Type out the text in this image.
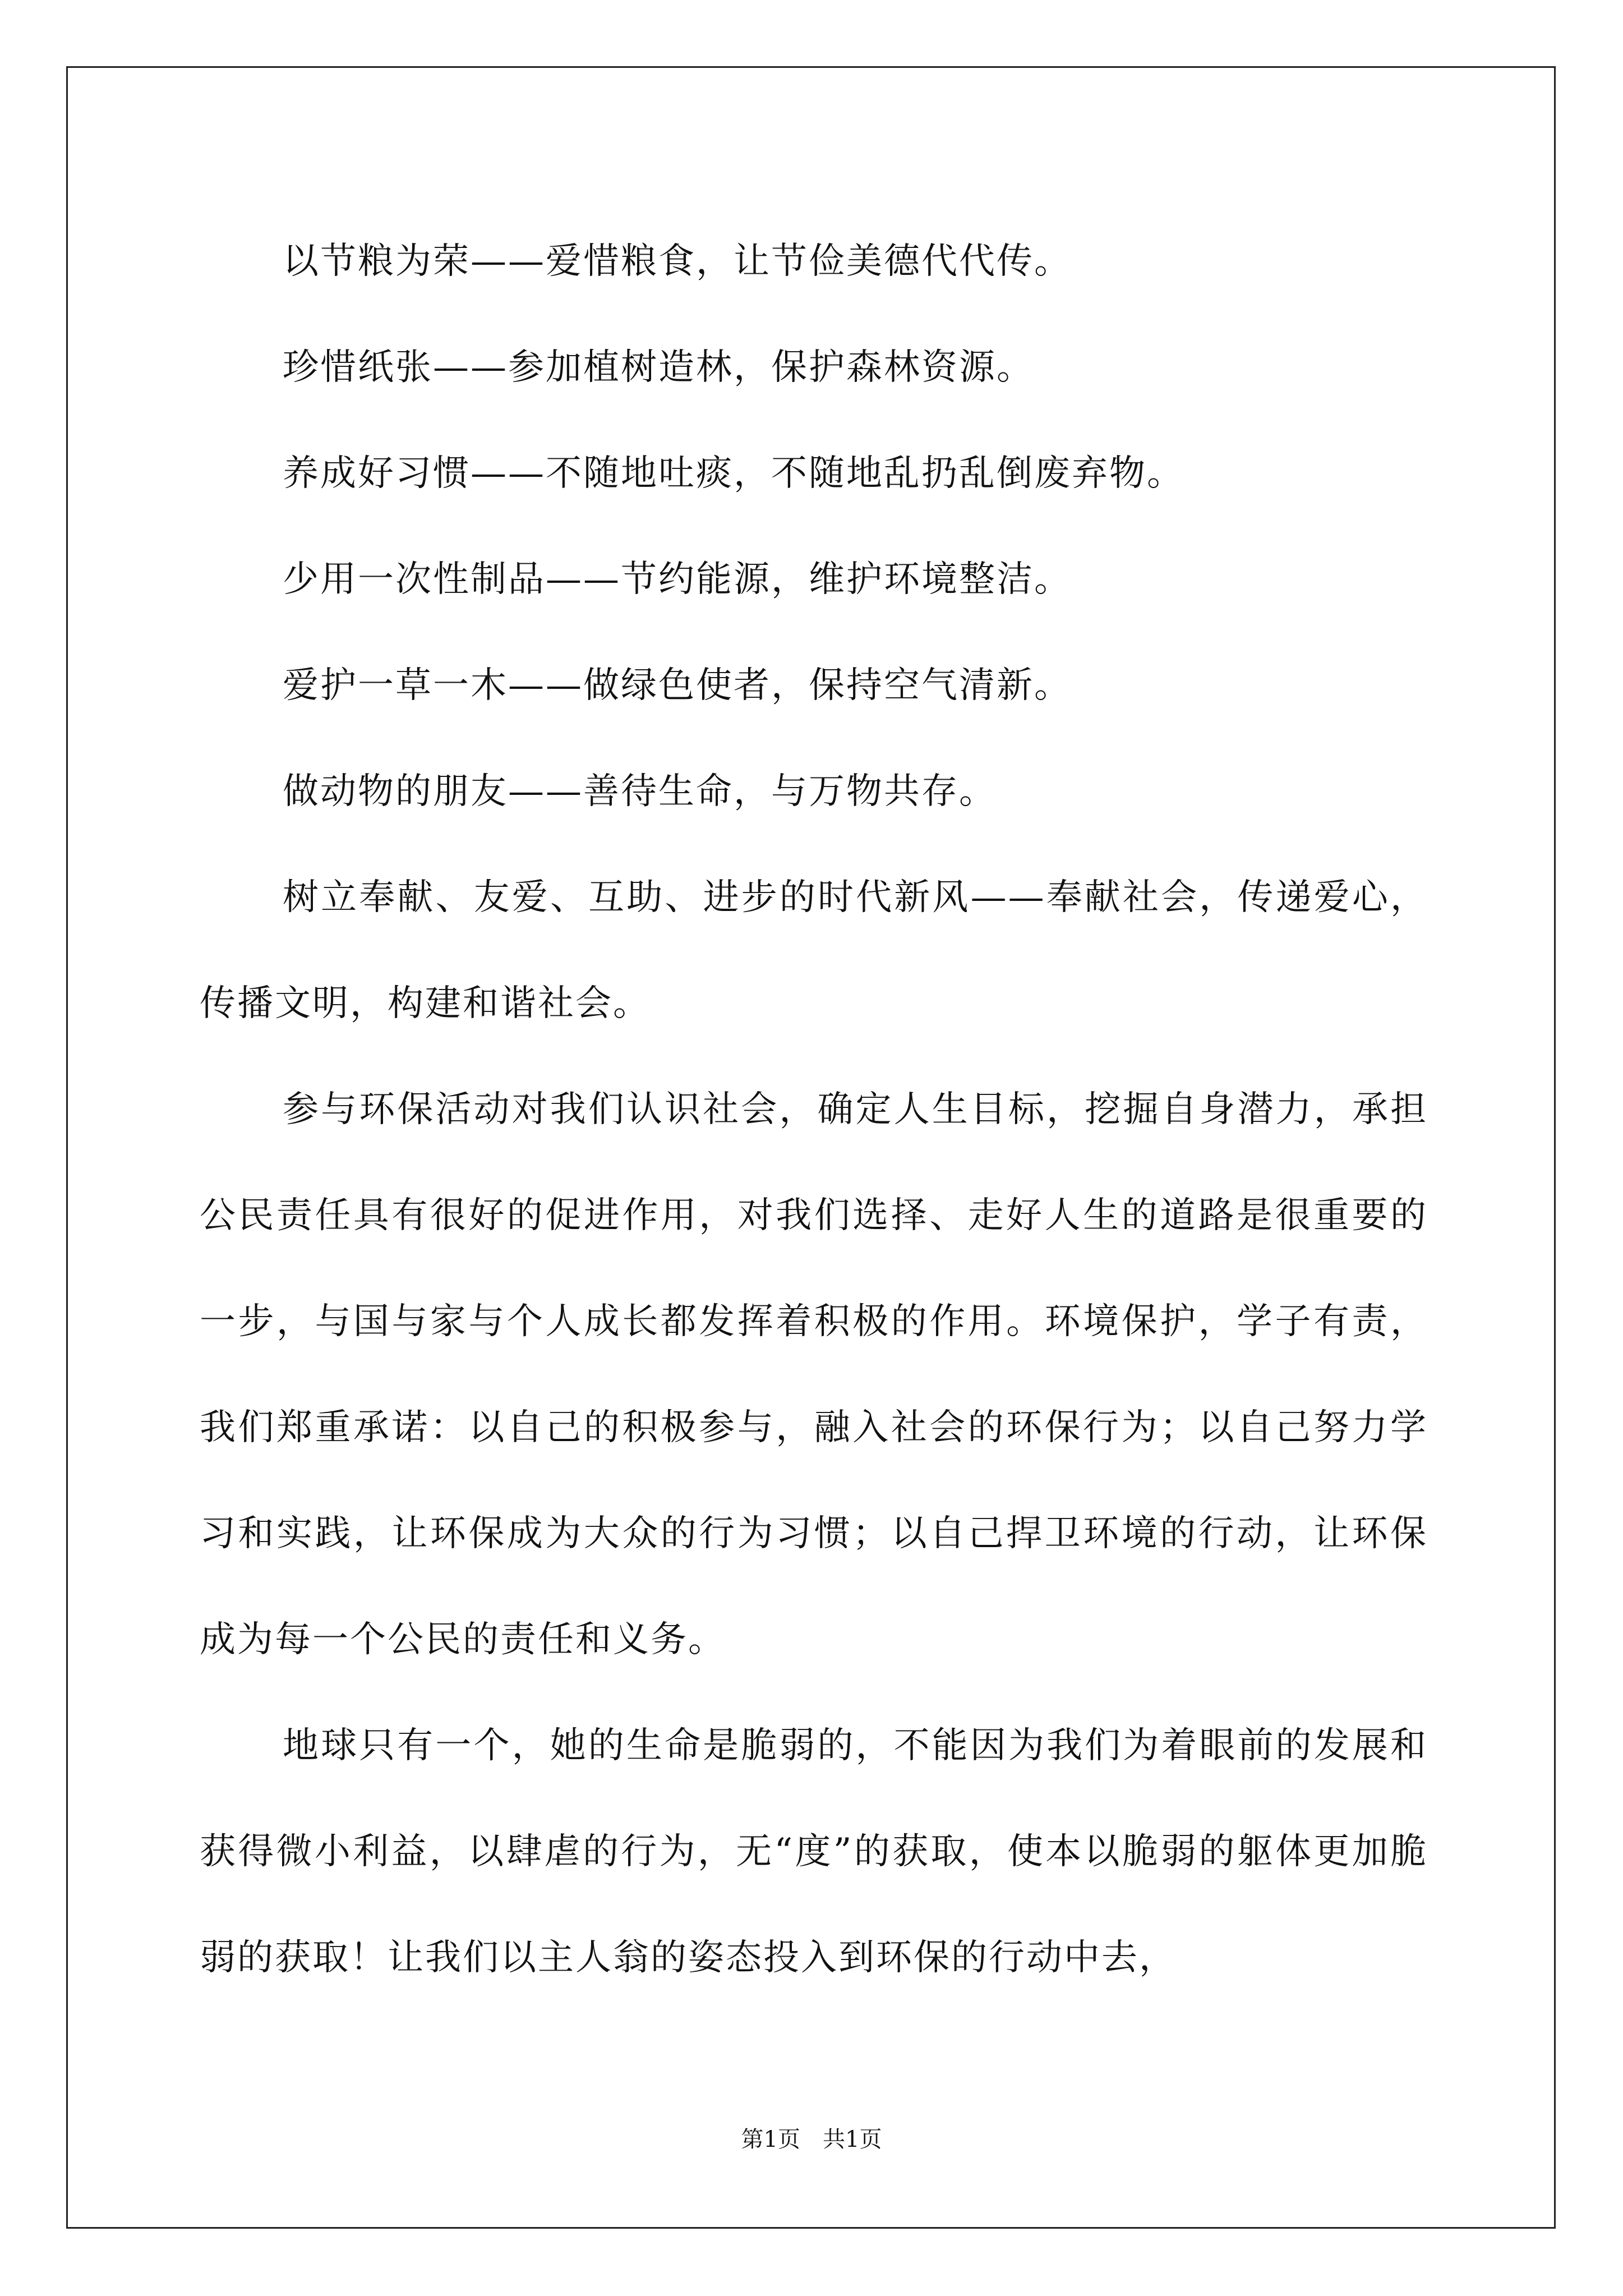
以节粮为荣——爱惜粮食，让节俭美德代代传。

珍惜纸张——参加植树造林，保护森林资源。

养成好习惯——不随地吐痰，不随地乱扔乱倒废弃物。

少用一次性制品——节约能源，维护环境整洁。

爱护一草一木——做绿色使者，保持空气清新。

做动物的朋友——善待生命，与万物共存。

树立奉献、友爱、互助、进步的时代新风——奉献社会，传递爱心，传播文明，构建和谐社会。

参与环保活动对我们认识社会，确定人生目标，挖掘自身潜力，承担公民责任具有很好的促进作用，对我们选择、走好人生的道路是很重要的一步，与国与家与个人成长都发挥着积极的作用。环境保护，学子有责，我们郑重承诺：以自己的积极参与，融入社会的环保行为；以自己努力学习和实践，让环保成为大众的行为习惯；以自己捍卫环境的行动，让环保成为每一个公民的责任和义务。

地球只有一个，她的生命是脆弱的，不能因为我们为着眼前的发展和获得微小利益，以肆虐的行为，无“度”的获取，使本以脆弱的躯体更加脆弱的获取！让我们以主人翁的姿态投入到环保的行动中去，

第1页　共1页
